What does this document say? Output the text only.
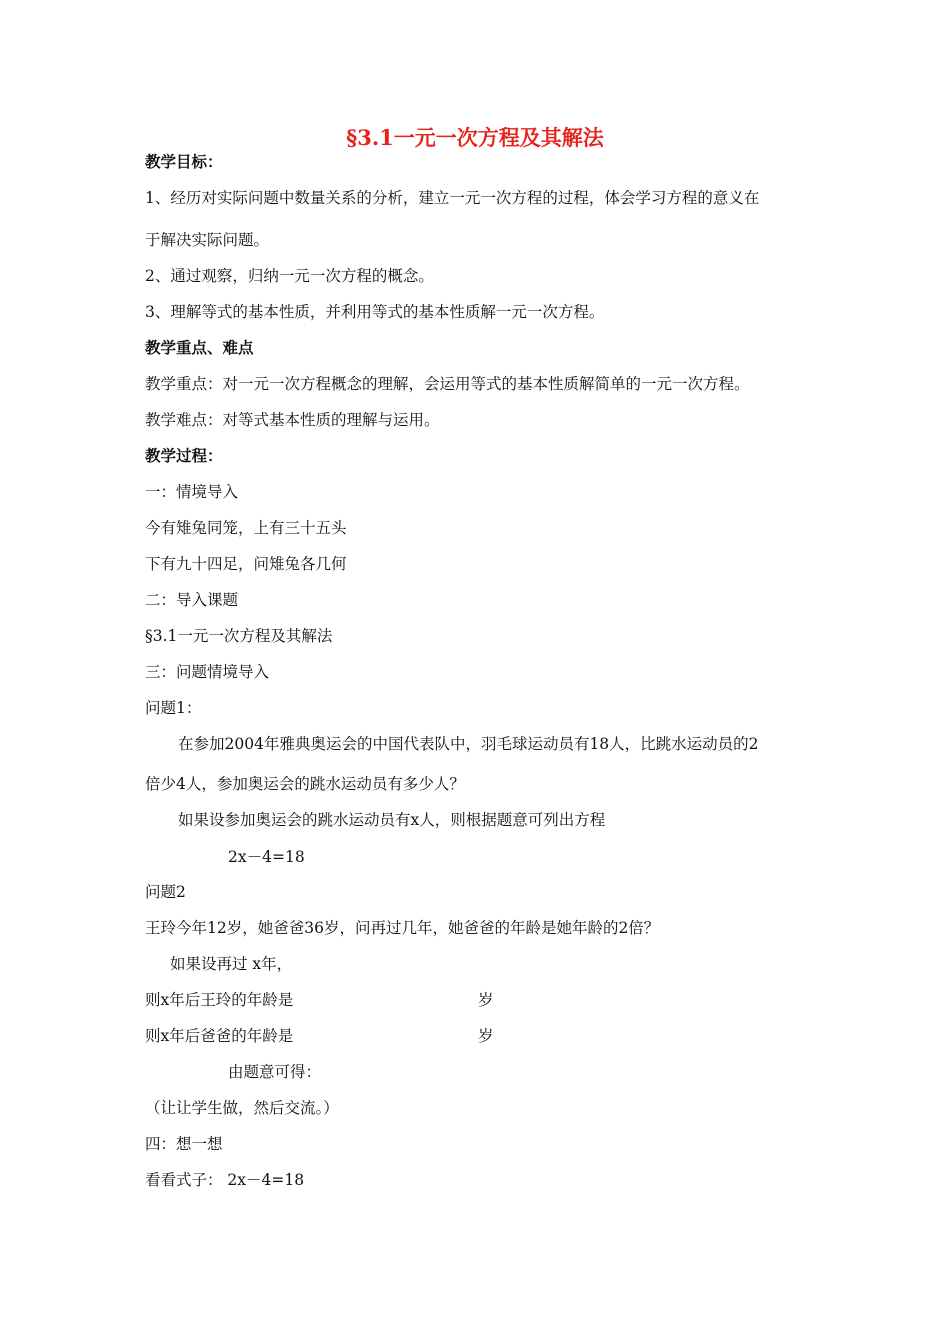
§3.1一元一次方程及其解法
教学目标：
1、经历对实际问题中数量关系的分析，建立一元一次方程的过程，体会学习方程的意义在
于解决实际问题。
2、通过观察，归纳一元一次方程的概念。
3、理解等式的基本性质，并利用等式的基本性质解一元一次方程。
教学重点、难点
教学重点：对一元一次方程概念的理解，会运用等式的基本性质解简单的一元一次方程。
教学难点：对等式基本性质的理解与运用。
教学过程：
一：情境导入
今有雉兔同笼，上有三十五头
下有九十四足，问雉兔各几何
二：导入课题
§3.1一元一次方程及其解法
三：问题情境导入
问题1：
在参加2004年雅典奥运会的中国代表队中，羽毛球运动员有18人，比跳水运动员的2
倍少4人，参加奥运会的跳水运动员有多少人？
如果设参加奥运会的跳水运动员有x人，则根据题意可列出方程
2x－4=18
问题2
王玲今年12岁，她爸爸36岁，问再过几年，她爸爸的年龄是她年龄的2倍？
如果设再过 x年，
则x年后王玲的年龄是	岁
则x年后爸爸的年龄是	岁
由题意可得：
（让让学生做，然后交流。）
四：想一想
看看式子： 2x－4=18
